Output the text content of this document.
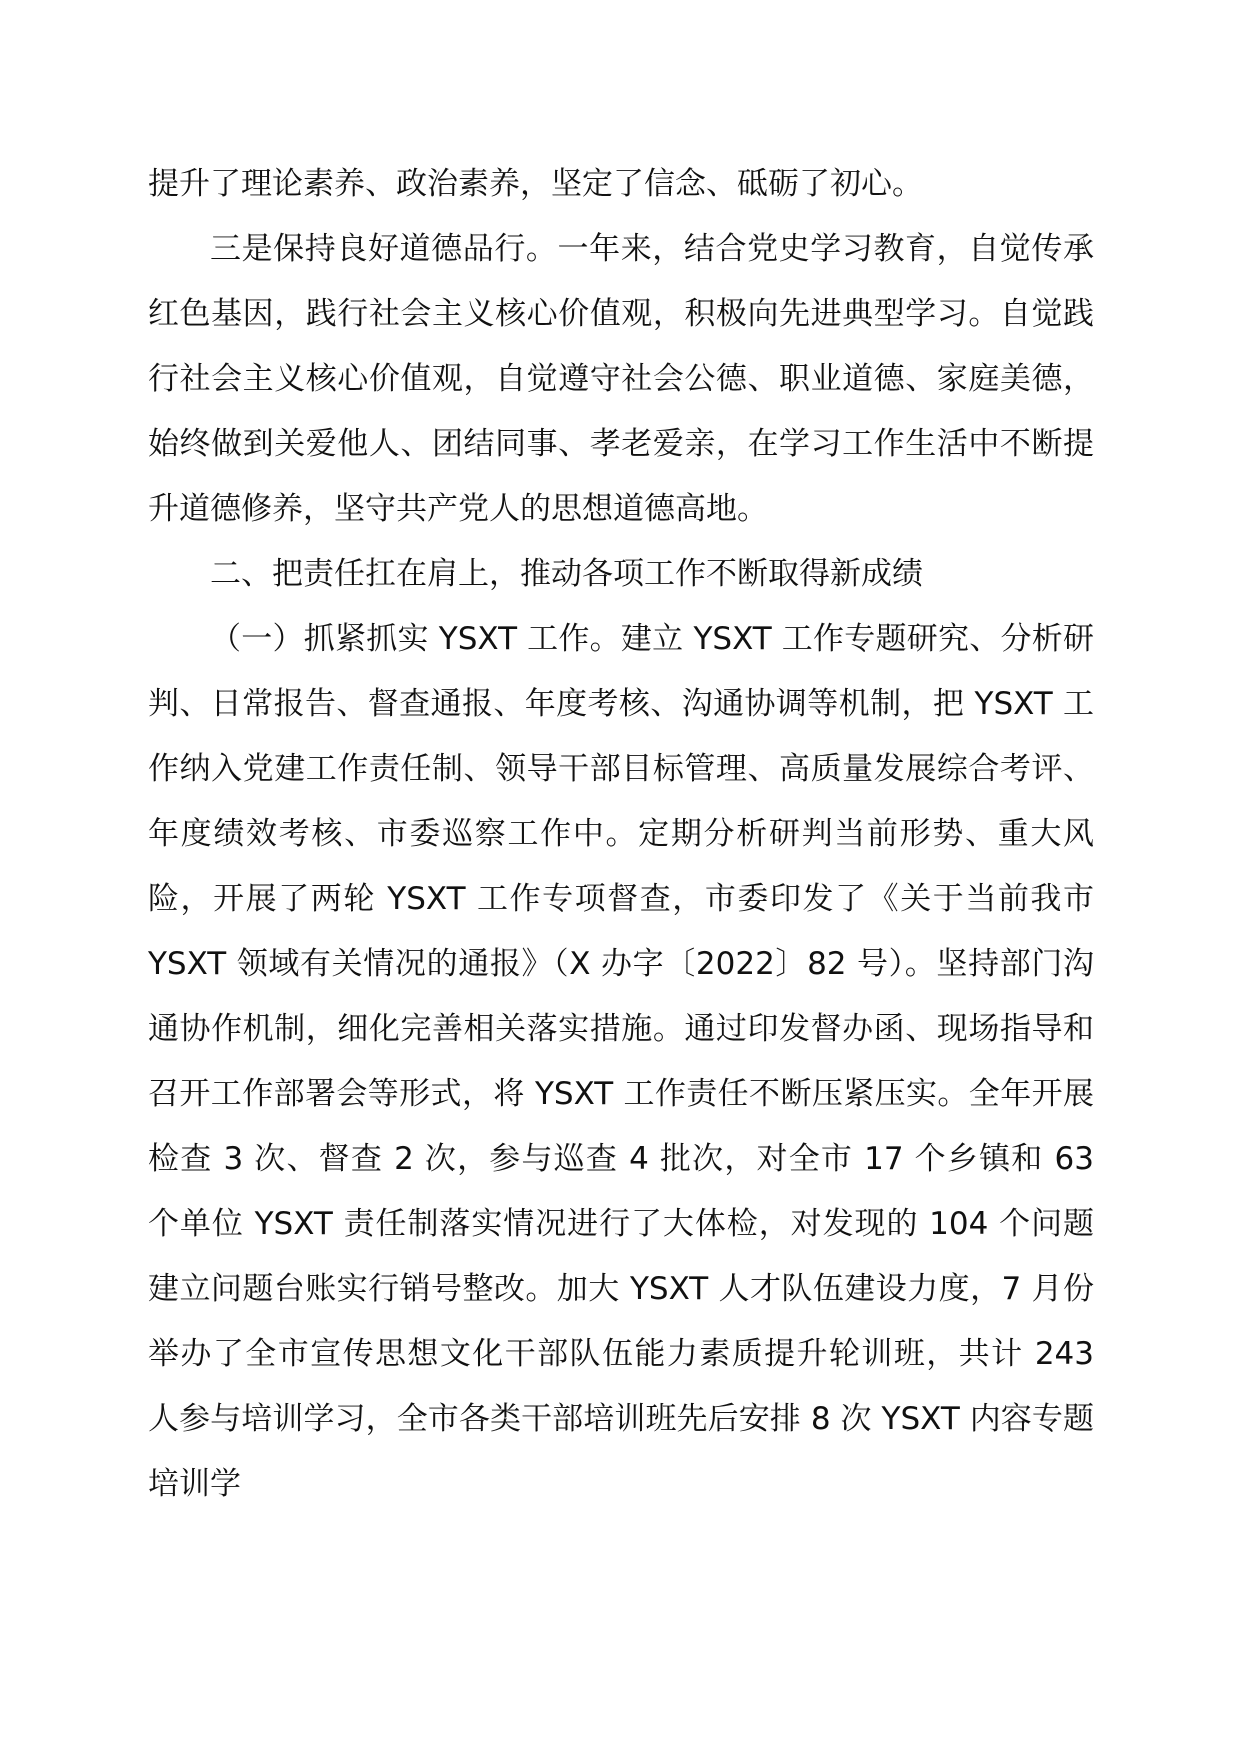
提升了理论素养、政治素养，坚定了信念、砥砺了初心。

三是保持良好道德品行。一年来，结合党史学习教育，自觉传承红色基因，践行社会主义核心价值观，积极向先进典型学习。自觉践行社会主义核心价值观，自觉遵守社会公德、职业道德、家庭美德，始终做到关爱他人、团结同事、孝老爱亲，在学习工作生活中不断提升道德修养，坚守共产党人的思想道德高地。

二、把责任扛在肩上，推动各项工作不断取得新成绩

（一）抓紧抓实 YSXT 工作。建立 YSXT 工作专题研究、分析研判、日常报告、督查通报、年度考核、沟通协调等机制，把 YSXT 工作纳入党建工作责任制、领导干部目标管理、高质量发展综合考评、年度绩效考核、市委巡察工作中。定期分析研判当前形势、重大风险，开展了两轮 YSXT 工作专项督查，市委印发了《关于当前我市 YSXT 领域有关情况的通报》（X 办字〔2022〕82 号）。坚持部门沟通协作机制，细化完善相关落实措施。通过印发督办函、现场指导和召开工作部署会等形式，将 YSXT 工作责任不断压紧压实。全年开展检查 3 次、督查 2 次，参与巡查 4 批次，对全市 17 个乡镇和 63 个单位 YSXT 责任制落实情况进行了大体检，对发现的 104 个问题建立问题台账实行销号整改。加大 YSXT 人才队伍建设力度，7 月份举办了全市宣传思想文化干部队伍能力素质提升轮训班，共计 243 人参与培训学习，全市各类干部培训班先后安排 8 次 YSXT 内容专题培训学
